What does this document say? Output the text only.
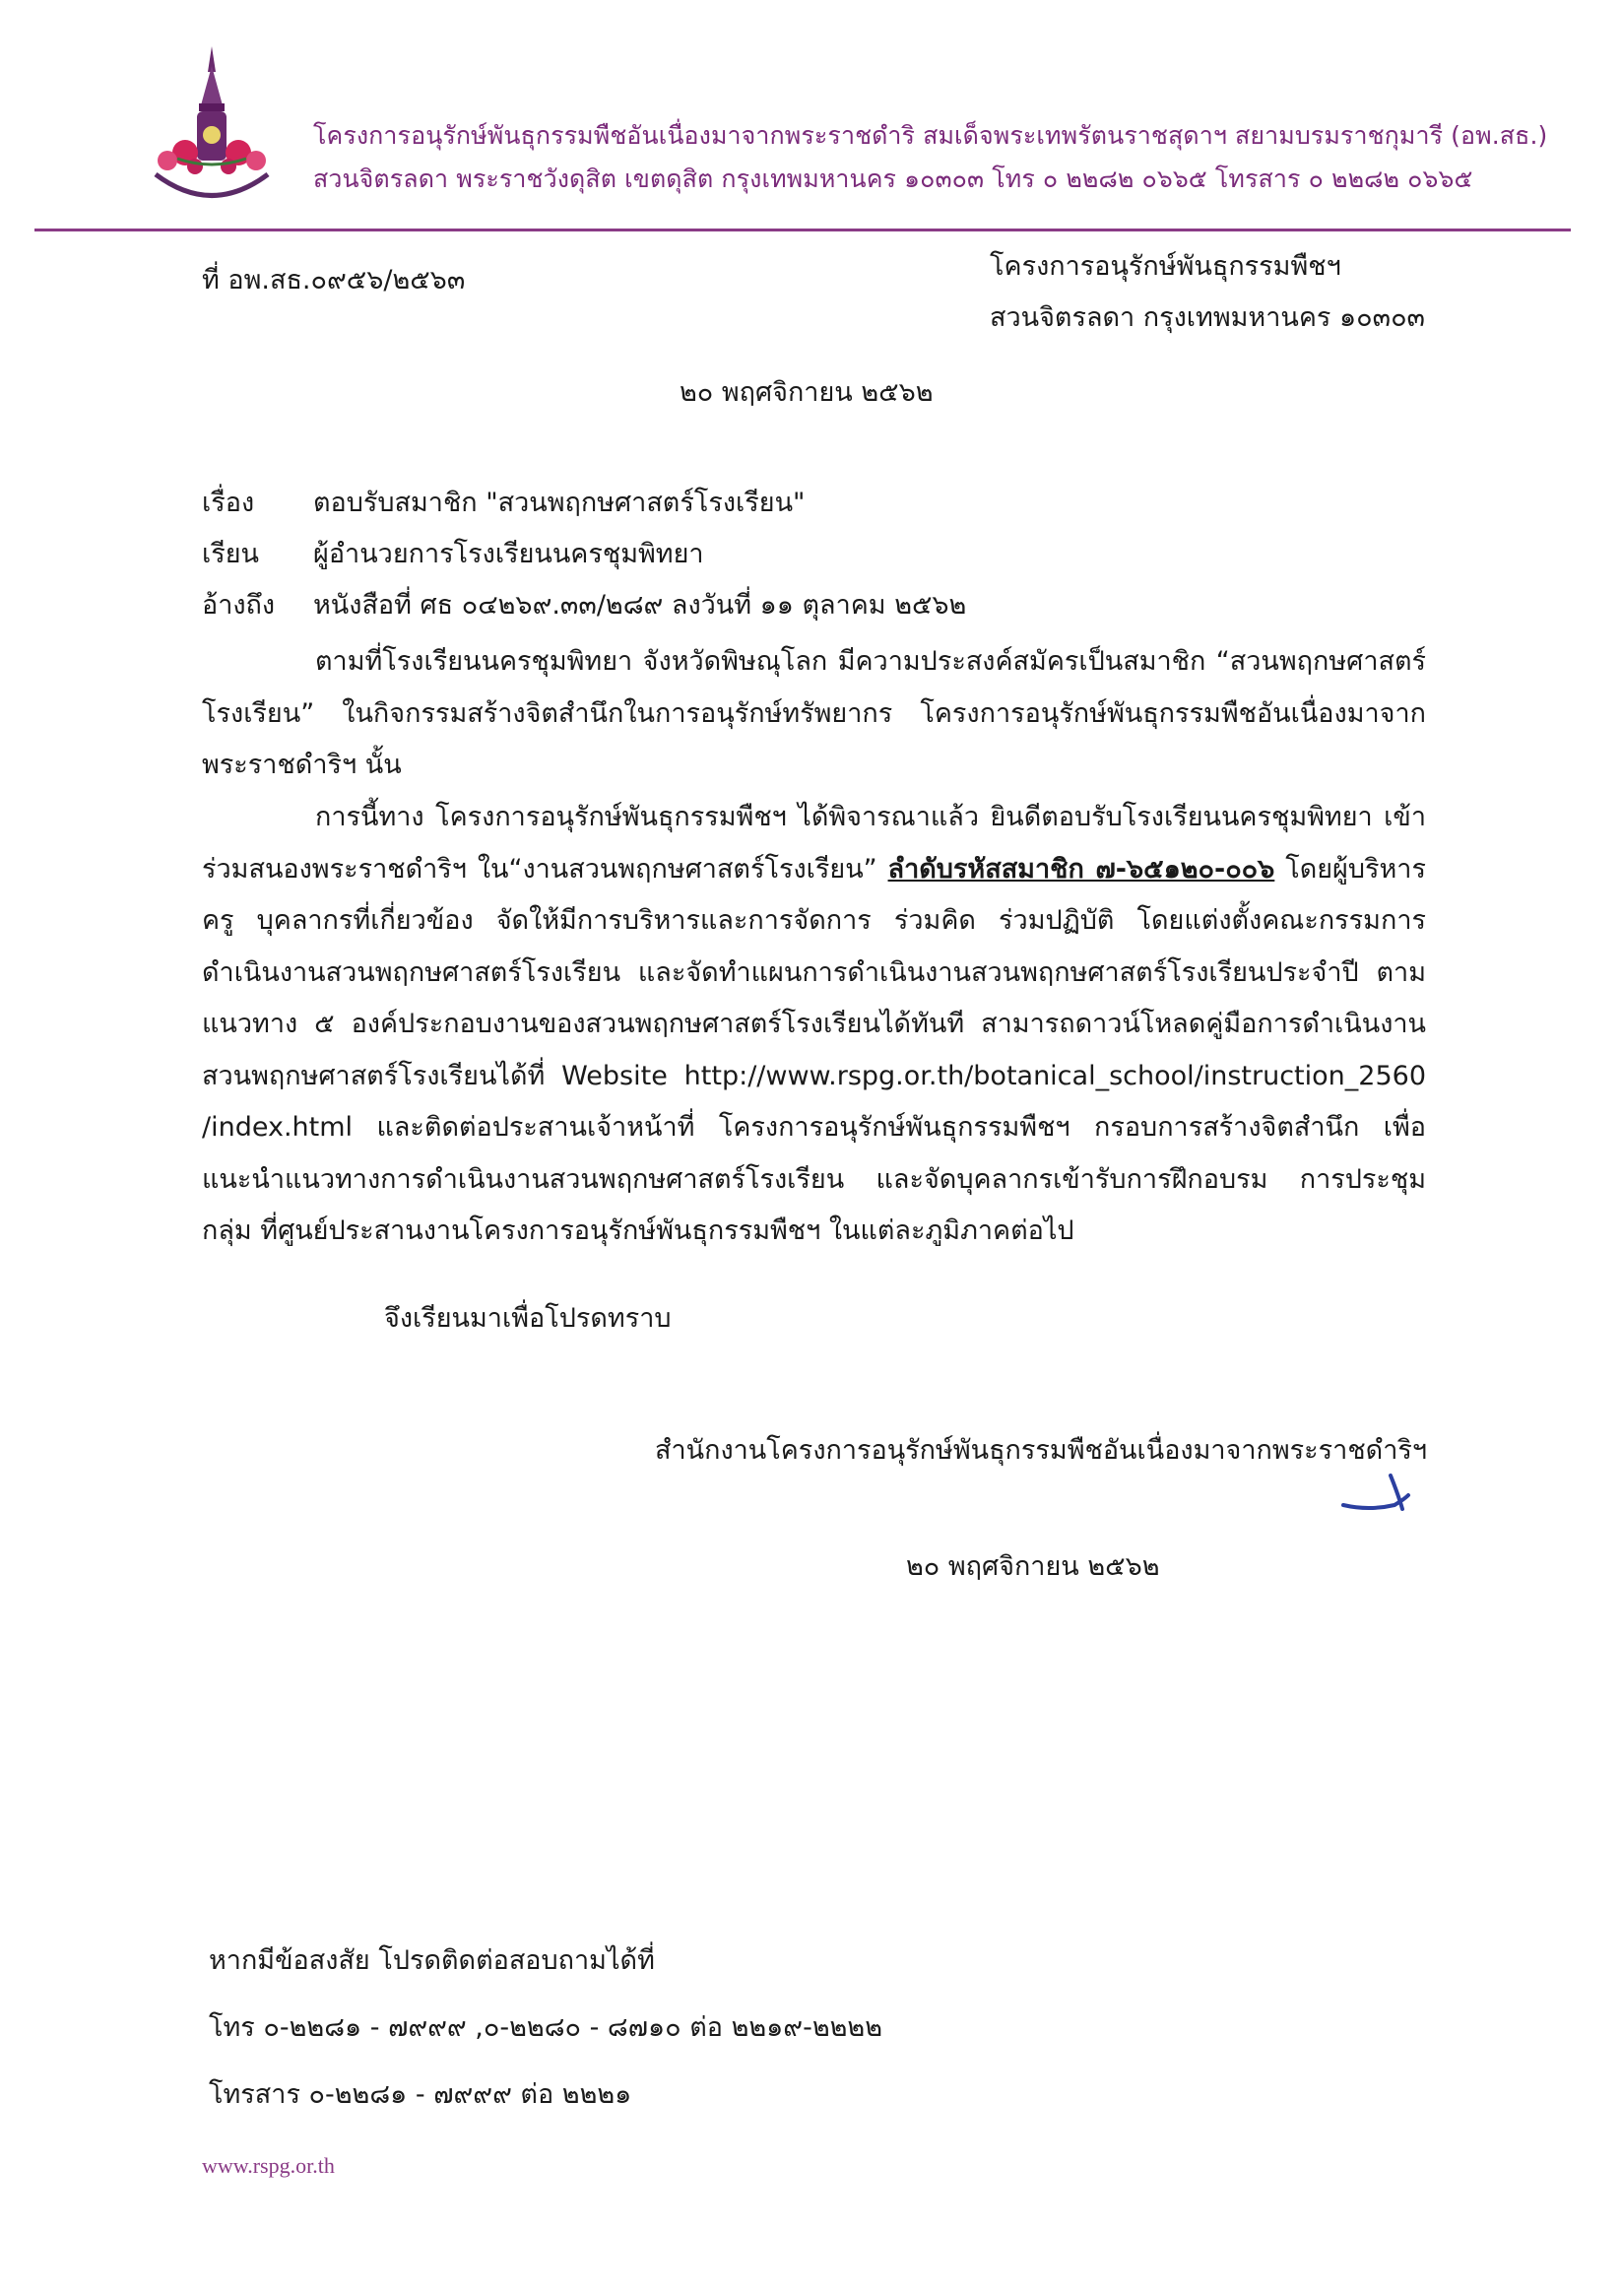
โครงการอนุรักษ์พันธุกรรมพืชอันเนื่องมาจากพระราชดำริ สมเด็จพระเทพรัตนราชสุดาฯ สยามบรมราชกุมารี (อพ.สธ.)
สวนจิตรลดา พระราชวังดุสิต เขตดุสิต กรุงเทพมหานคร ๑๐๓๐๓ โทร ๐ ๒๒๘๒ ๐๖๖๕ โทรสาร ๐ ๒๒๘๒ ๐๖๖๕
ที่ อพ.สธ.๐๙๕๖/๒๕๖๓	โครงการอนุรักษ์พันธุกรรมพืชฯ
สวนจิตรลดา กรุงเทพมหานคร ๑๐๓๐๓
๒๐ พฤศจิกายน ๒๕๖๒
เรื่อง ตอบรับสมาชิก "สวนพฤกษศาสตร์โรงเรียน"
เรียน ผู้อำนวยการโรงเรียนนครชุมพิทยา
อ้างถึง หนังสือที่ ศธ ๐๔๒๖๙.๓๓/๒๘๙ ลงวันที่ ๑๑ ตุลาคม ๒๕๖๒
ตามที่โรงเรียนนครชุมพิทยา จังหวัดพิษณุโลก มีความประสงค์สมัครเป็นสมาชิก “สวนพฤกษศาสตร์โรงเรียน” ในกิจกรรมสร้างจิตสำนึกในการอนุรักษ์ทรัพยากร โครงการอนุรักษ์พันธุกรรมพืชอันเนื่องมาจากพระราชดำริฯ นั้น
การนี้ทาง โครงการอนุรักษ์พันธุกรรมพืชฯ ได้พิจารณาแล้ว ยินดีตอบรับโรงเรียนนครชุมพิทยา เข้าร่วมสนองพระราชดำริฯ ใน“งานสวนพฤกษศาสตร์โรงเรียน” ลำดับรหัสสมาชิก ๗-๖๕๑๒๐-๐๐๖ โดยผู้บริหาร ครู บุคลากรที่เกี่ยวข้อง จัดให้มีการบริหารและการจัดการ ร่วมคิด ร่วมปฏิบัติ โดยแต่งตั้งคณะกรรมการดำเนินงานสวนพฤกษศาสตร์โรงเรียน และจัดทำแผนการดำเนินงานสวนพฤกษศาสตร์โรงเรียนประจำปี ตามแนวทาง ๕ องค์ประกอบงานของสวนพฤกษศาสตร์โรงเรียนได้ทันที สามารถดาวน์โหลดคู่มือการดำเนินงานสวนพฤกษศาสตร์โรงเรียนได้ที่ Website http://www.rspg.or.th/botanical_school/instruction_2560 /index.html และติดต่อประสานเจ้าหน้าที่ โครงการอนุรักษ์พันธุกรรมพืชฯ กรอบการสร้างจิตสำนึก เพื่อแนะนำแนวทางการดำเนินงานสวนพฤกษศาสตร์โรงเรียน และจัดบุคลากรเข้ารับการฝึกอบรม การประชุมกลุ่ม ที่ศูนย์ประสานงานโครงการอนุรักษ์พันธุกรรมพืชฯ ในแต่ละภูมิภาคต่อไป
จึงเรียนมาเพื่อโปรดทราบ
สำนักงานโครงการอนุรักษ์พันธุกรรมพืชอันเนื่องมาจากพระราชดำริฯ
๒๐ พฤศจิกายน ๒๕๖๒
หากมีข้อสงสัย โปรดติดต่อสอบถามได้ที่
โทร ๐-๒๒๘๑ - ๗๙๙๙ ,๐-๒๒๘๐ - ๘๗๑๐ ต่อ ๒๒๑๙-๒๒๒๒
โทรสาร ๐-๒๒๘๑ - ๗๙๙๙ ต่อ ๒๒๒๑
www.rspg.or.th
